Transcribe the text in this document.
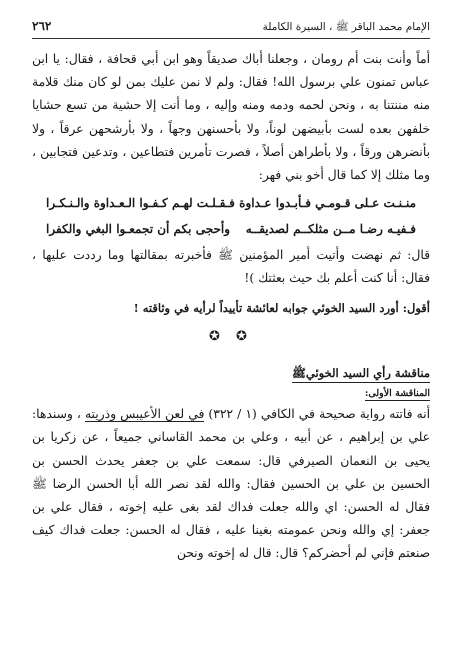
الإمام محمد الباقر ﷺ ، السيرة الكاملة
٢٦٢

أماً وأنت بنت أم رومان ، وجعلنا أباك صديقاً وهو ابن أبي قحافة ، فقال: يا ابن عباس تمنون علي برسول الله! فقال: ولم لا نمن عليك بمن لو كان منك قلامة منه مننتنا به ، ونحن لحمه ودمه ومنه وإليه ، وما أنت إلا حشية من تسع حشايا خلفهن بعده لست بأبيضهن لوناً، ولا بأحسنهن وجهاً ، ولا بأرشحهن عرقاً ، ولا بأنضرهن ورقاً ، ولا بأطراهن أصلاً ، فصرت تأمرين فتطاعين ، وتدعين فتجابين ، وما مثلك إلا كما قال أخو بني فهر:

منـنـت عـلى قـومـي فـأبـدوا عـداوة
فـقـلـت لهـم كـفـوا الـعـداوة والـنـكـرا
فـفيـه رضـا مــن مثلكــم لصديقــه
وأحجى بكم أن تجمعـوا البغي والكفرا

قال: ثم نهضت وأتيت أمير المؤمنين ﷺ فأخبرته بمقالتها وما رددت عليها ، فقال: أنا كنت أعلم بك حيث بعثتك )!

أقول: أورد السيد الخوئي جوابه لعائشة تأييداً لرأيه في وثاقته !
✪ ✪
مناقشة رأي السيد الخوئيﷺ
المناقشة الأولى:

أنه فاتته رواية صحيحة في الكافي (١ / ٣٢٢) في لعن الأعيبس وذريته ، وسندها: علي بن إبراهيم ، عن أبيه ، وعلي بن محمد القاساني جميعاً ، عن زكريا بن يحيى بن النعمان الصيرفي قال: سمعت علي بن جعفر يحدث الحسن بن الحسين بن علي بن الحسين فقال: والله لقد نصر الله أبا الحسن الرضا ﷺ فقال له الحسن: اي والله جعلت فداك لقد بغى عليه إخوته ، فقال علي بن جعفر: إي والله ونحن عمومته بغينا عليه ، فقال له الحسن: جعلت فداك كيف صنعتم فإني لم أحضركم؟ قال: قال له إخوته ونحن
